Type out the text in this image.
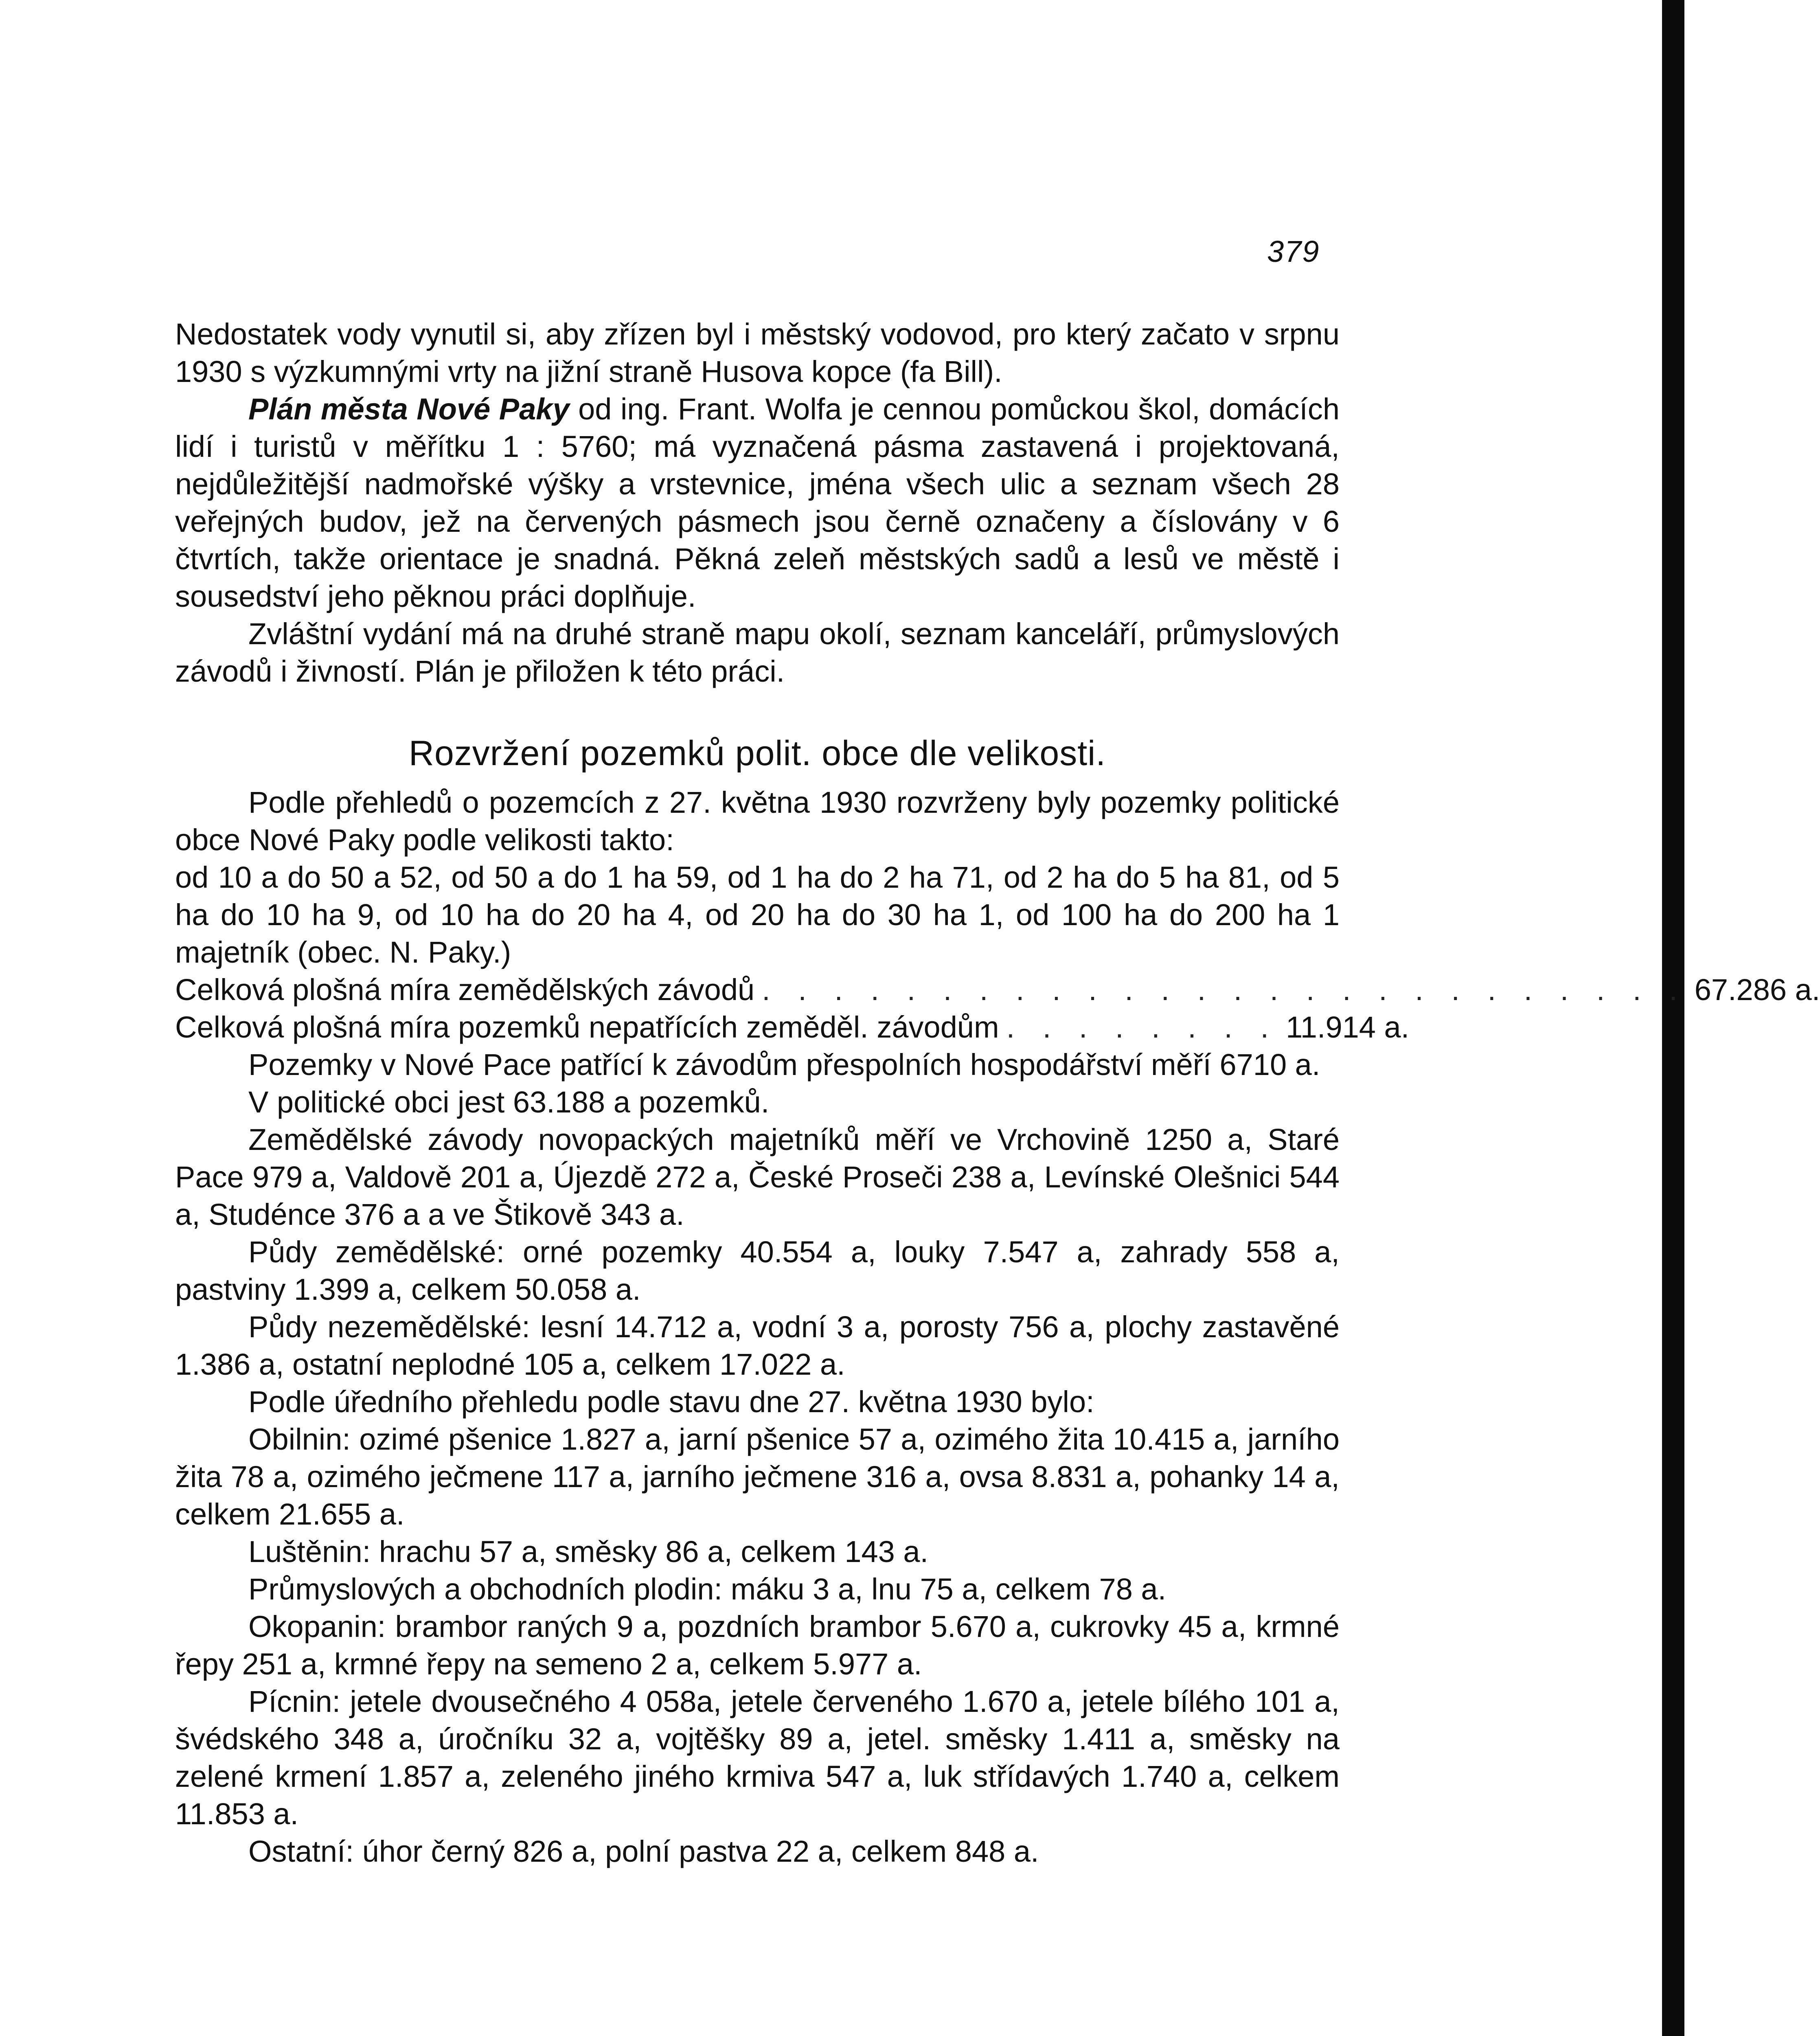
379

Nedostatek vody vynutil si, aby zřízen byl i městský vodovod, pro který začato v srpnu 1930 s výzkumnými vrty na jižní straně Husova kopce (fa Bill).

Plán města Nové Paky od ing. Frant. Wolfa je cennou pomůckou škol, domácích lidí i turistů v měřítku 1 : 5760; má vyznačená pásma zastavená i projektovaná, nejdůležitější nadmořské výšky a vrstevnice, jména všech ulic a seznam všech 28 veřejných budov, jež na červených pásmech jsou černě označeny a číslovány v 6 čtvrtích, takže orientace je snadná. Pěkná zeleň městských sadů a lesů ve městě i sousedství jeho pěknou práci doplňuje.

Zvláštní vydání má na druhé straně mapu okolí, seznam kanceláří, průmyslových závodů i živností. Plán je přiložen k této práci.

Rozvržení pozemků polit. obce dle velikosti.

Podle přehledů o pozemcích z 27. května 1930 rozvrženy byly pozemky politické obce Nové Paky podle velikosti takto:

od 10 a do 50 a 52, od 50 a do 1 ha 59, od 1 ha do 2 ha 71, od 2 ha do 5 ha 81, od 5 ha do 10 ha 9, od 10 ha do 20 ha 4, od 20 ha do 30 ha 1, od 100 ha do 200 ha 1 majetník (obec. N. Paky.)

Celková plošná míra zemědělských závodů . . . . . . . . . . . . . . . . . . . . . . . . . . 67.286 a.
Celková plošná míra pozemků nepatřících zeměděl. závodům . . . . . . . . 11.914 a.

Pozemky v Nové Pace patřící k závodům přespolních hospodářství měří 6710 a.

V politické obci jest 63.188 a pozemků.

Zemědělské závody novopackých majetníků měří ve Vrchovině 1250 a, Staré Pace 979 a, Valdově 201 a, Újezdě 272 a, České Proseči 238 a, Levínské Olešnici 544 a, Studénce 376 a a ve Štikově 343 a.

Půdy zemědělské: orné pozemky 40.554 a, louky 7.547 a, zahrady 558 a, pastviny 1.399 a, celkem 50.058 a.

Půdy nezemědělské: lesní 14.712 a, vodní 3 a, porosty 756 a, plochy zastavěné 1.386 a, ostatní neplodné 105 a, celkem 17.022 a.

Podle úředního přehledu podle stavu dne 27. května 1930 bylo:

Obilnin: ozimé pšenice 1.827 a, jarní pšenice 57 a, ozimého žita 10.415 a, jarního žita 78 a, ozimého ječmene 117 a, jarního ječmene 316 a, ovsa 8.831 a, pohanky 14 a, celkem 21.655 a.

Luštěnin: hrachu 57 a, směsky 86 a, celkem 143 a.

Průmyslových a obchodních plodin: máku 3 a, lnu 75 a, celkem 78 a.

Okopanin: brambor raných 9 a, pozdních brambor 5.670 a, cukrovky 45 a, krmné řepy 251 a, krmné řepy na semeno 2 a, celkem 5.977 a.

Pícnin: jetele dvousečného 4 058a, jetele červeného 1.670 a, jetele bílého 101 a, švédského 348 a, úročníku 32 a, vojtěšky 89 a, jetel. směsky 1.411 a, směsky na zelené krmení 1.857 a, zeleného jiného krmiva 547 a, luk střídavých 1.740 a, celkem 11.853 a.

Ostatní: úhor černý 826 a, polní pastva 22 a, celkem 848 a.
